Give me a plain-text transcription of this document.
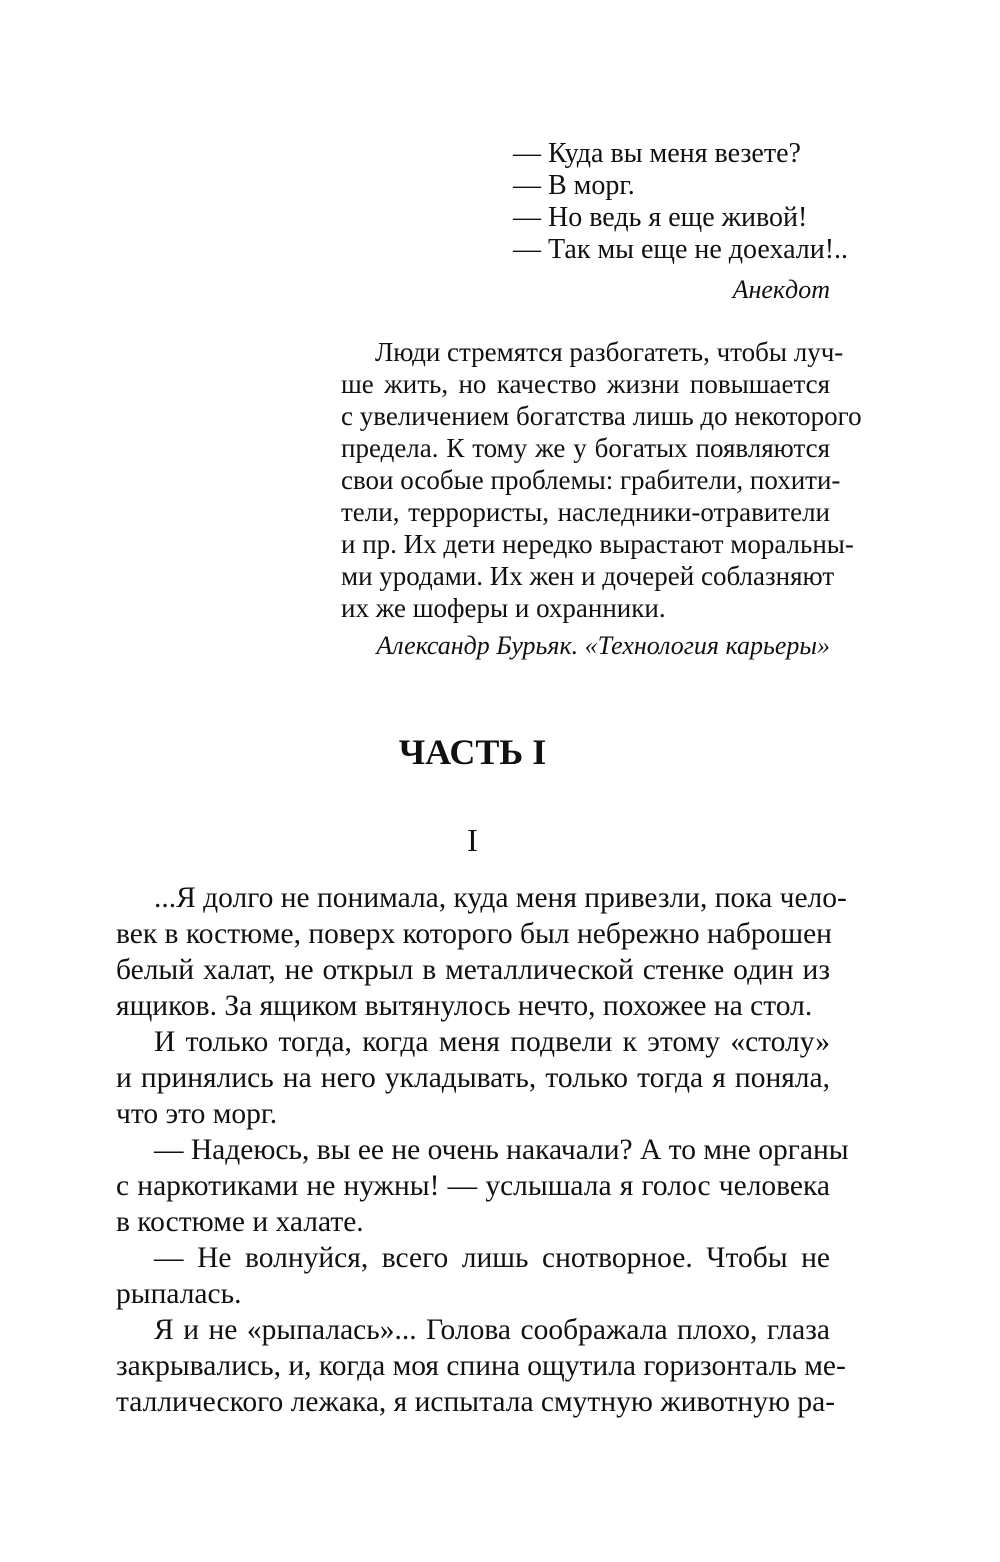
— Куда вы меня везете?

— В морг.

— Но ведь я еще живой!

— Так мы еще не доехали!..

Анекдот

Люди стремятся разбогатеть, чтобы луч-

ше жить, но качество жизни повышается

с увеличением богатства лишь до некоторого

предела. К тому же у богатых появляются

свои особые проблемы: грабители, похити-

тели, террористы, наследники-отравители

и пр. Их дети нередко вырастают моральны-

ми уродами. Их жен и дочерей соблазняют

их же шоферы и охранники.

Александр Бурьяк. «Технология карьеры»

ЧАСТЬ I
I

...Я долго не понимала, куда меня привезли, пока чело-

век в костюме, поверх которого был небрежно наброшен

белый халат, не открыл в металлической стенке один из

ящиков. За ящиком вытянулось нечто, похожее на стол.

И только тогда, когда меня подвели к этому «столу»

и принялись на него укладывать, только тогда я поняла,

что это морг.

— Надеюсь, вы ее не очень накачали? А то мне органы

с наркотиками не нужны! — услышала я голос человека

в костюме и халате.

— Не волнуйся, всего лишь снотворное. Чтобы не

рыпалась.

Я и не «рыпалась»... Голова соображала плохо, глаза

закрывались, и, когда моя спина ощутила горизонталь ме-

таллического лежака, я испытала смутную животную ра-
